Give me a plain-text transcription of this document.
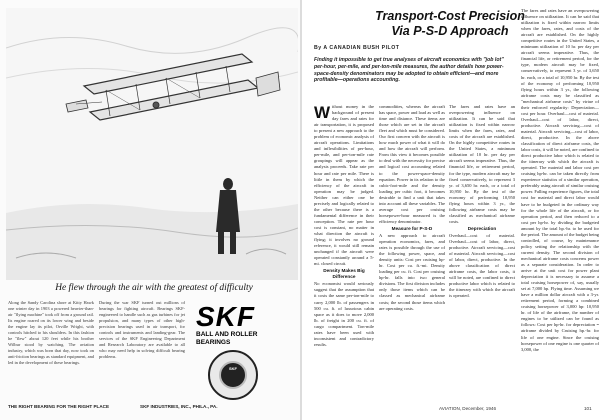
He flew through the air with the greatest of difficulty
Along the Sandy Carolina shore at Kitty Hawk one winter day in 1903 a powered heavier-than-air "flying machine" took off from a ground rail. Its engine roared on its lower wing and beside the engine lay its pilot, Orville Wright, with controls hitched to his shoulders. In this fashion he "flew" about 120 feet while his brother Wilbur stood by watching. The aviation industry, which was born that day, now took on anti-friction bearings as standard equipment, and led in the development of these bearings.
During the war SKF turned out millions of bearings for fighting aircraft. Bearings SKF-engineered to handle such as gas turbines for jet propulsion, and many types of other high-precision bearings used in air transport, for controls and instruments and landing-gear. The services of the SKF Engineering Department and Research Laboratory are available to all who may need help in solving difficult bearing problems.
SKF
BALL AND ROLLER
BEARINGS
SKF
THE RIGHT BEARING FOR THE RIGHT PLACE	SKF INDUSTRIES, INC., PHILA., PA.
Transport-Cost Precision
Via P-S-D Approach
By A CANADIAN BUSH PILOT
Finding it impossible to get true analyses of aircraft economics with "job lot" per-hour, per-mile, and per-ton-mile measures, the author details how power-space-density denominators may be adopted to obtain efficient—and more profitable—operations accounting.
W ithout money in the background of present day fares and rates for air transportation, it is proposed to present a new approach to the problem of economic analysis of aircraft operations. Limitations and inflexibilities of per-hour, per-mile, and per-ton-mile rate groupings will appear as the analysis proceeds. Take rate per hour and rate per mile. There is little in them by which the efficiency of the aircraft in operation may be judged. Neither can either one be precisely and logically related to the other because there is a fundamental difference in their conception. The rate per hour cost is constant, no matter in what direction the aircraft is flying; it involves no ground reference, it would still remain unchanged if the aircraft were operated constantly around a 5-mi. closed circuit.

Density Makes Big Difference

No economist would seriously suggest that the assumption that it costs the same per-ton-mile to carry 2,000 lb. of passengers in 500 cu. ft. of luxurious cabin space as it does to move 2,000 lb. of freight in 200 cu. ft. of cargo compartment. Ton-mile rates have been used with inconsistent and contradictory results.

commodities, whereas the aircraft has space, power and load as well as time and distance. These items are those which are set in the aircraft fleet and which must be considered. Our first concern with the aircraft is how much power of what it will do and how the aircraft will perform. From this view it becomes possible to deal with the necessity for precise and logical cost accounting related to the power-space-density equation. Power in its relation to the cubic-foot-mile and the density loading per cubic foot, it becomes desirable to find a unit that takes into account all these variables. The average cost per cruising horsepower-hour measured is the efficiency denominator.

Measure for P-S-D

A new approach to aircraft operation economics, fares, and rates is possible through the use of the following power, space, and density units: Cost per cruising hp-hr. Cost per cu. ft.-mi. Density loading per cu. ft. Cost per cruising hp-hr. falls into two general divisions. The first division includes only those items which can be classed as mechanical airframe costs; the second those items which are operating costs.

The fares and rates have an overpowering influence on utilization. It can be said that utilization is fixed within narrow limits when the fares, rates, and costs of the aircraft are established. On the highly competitive routes in the United States, a minimum utilization of 10 hr. per day per aircraft seems imperative. Thus, the financial life, or retirement period, for the type, modern aircraft may be fixed conservatively, to represent 3 yr. of 3,650 hr. each, or a total of 10,950 hr. By the test of the economy of performing 10,950 flying hours within 3 yr., the following airframe costs may be classified as mechanical airframe costs.

Depreciation

Overhaul—cost of material. Overhaul—cost of labor, direct, productive. Aircraft servicing—cost of material. Aircraft servicing—cost of labor, direct, productive. In the above classification of direct airframe costs, the labor costs, it will be noted, are confined to direct productive labor which is related to the itinerary with which the aircraft is operated.

The fares and rates have an overpowering influence on utilization. It can be said that utilization is fixed within narrow limits when the fares, rates, and costs of the aircraft are established. On the highly competitive routes in the United States, a minimum utilization of 10 hr. per day per aircraft seems imperative. Thus, the financial life, or retirement period, for the type, modern aircraft may be fixed, conservatively, to represent 3 yr. of 3,650 hr. each, or a total of 10,950 hr. By the test of the economy of performing 10,950 flying hours within 3 yr., the following airframe costs may be classified as "mechanical airframe costs" by virtue of their enforced regularity: Depreciation—cost per hour. Overhaul—cost of material. Overhaul—cost of labor, direct, productive. Aircraft servicing—cost of material. Aircraft servicing—cost of labor, direct, productive. In the above classification of direct airframe costs, the labor costs, it will be noted, are confined to direct productive labor which is related to the itinerary with which the aircraft is operated. The material and labor cost per cruising hp-hr. can be taken directly from experience statistics of a similar operation, preferably using aircraft of similar cruising power. Falling experience figures, the total cost for material and direct labor would have to be budgeted in the ordinary way for the whole life of the aircraft, or for operation period, and then reduced to a cost per hp-hr. by dividing the budgeted amount by the total hp.-hr. to be used for the period. The amount of the budget being controlled, of course, by maintenance policy setting the relationship with the current density. The second division of mechanical airframe costs concerns power as a separate consideration. In order to arrive at the unit cost for power plant depreciation it is necessary to assume a total cruising horsepower of, say, usually set at 7,000 hp. Flying time. Assuming we have a million dollar aircraft with a 3-yr. retirement period, forming a combined cruising horsepower of 3,000 hp: 10,950 hr. of life of the airframe, the number of engines to be utilized can be found as follows: Cost per hp-hr. for depreciation = airframe divided by Cruising hp.-hr. for life of one engine. Since the cruising horsepower of one engine is one quarter of 3,000, the

AVIATION, December, 1946	101
